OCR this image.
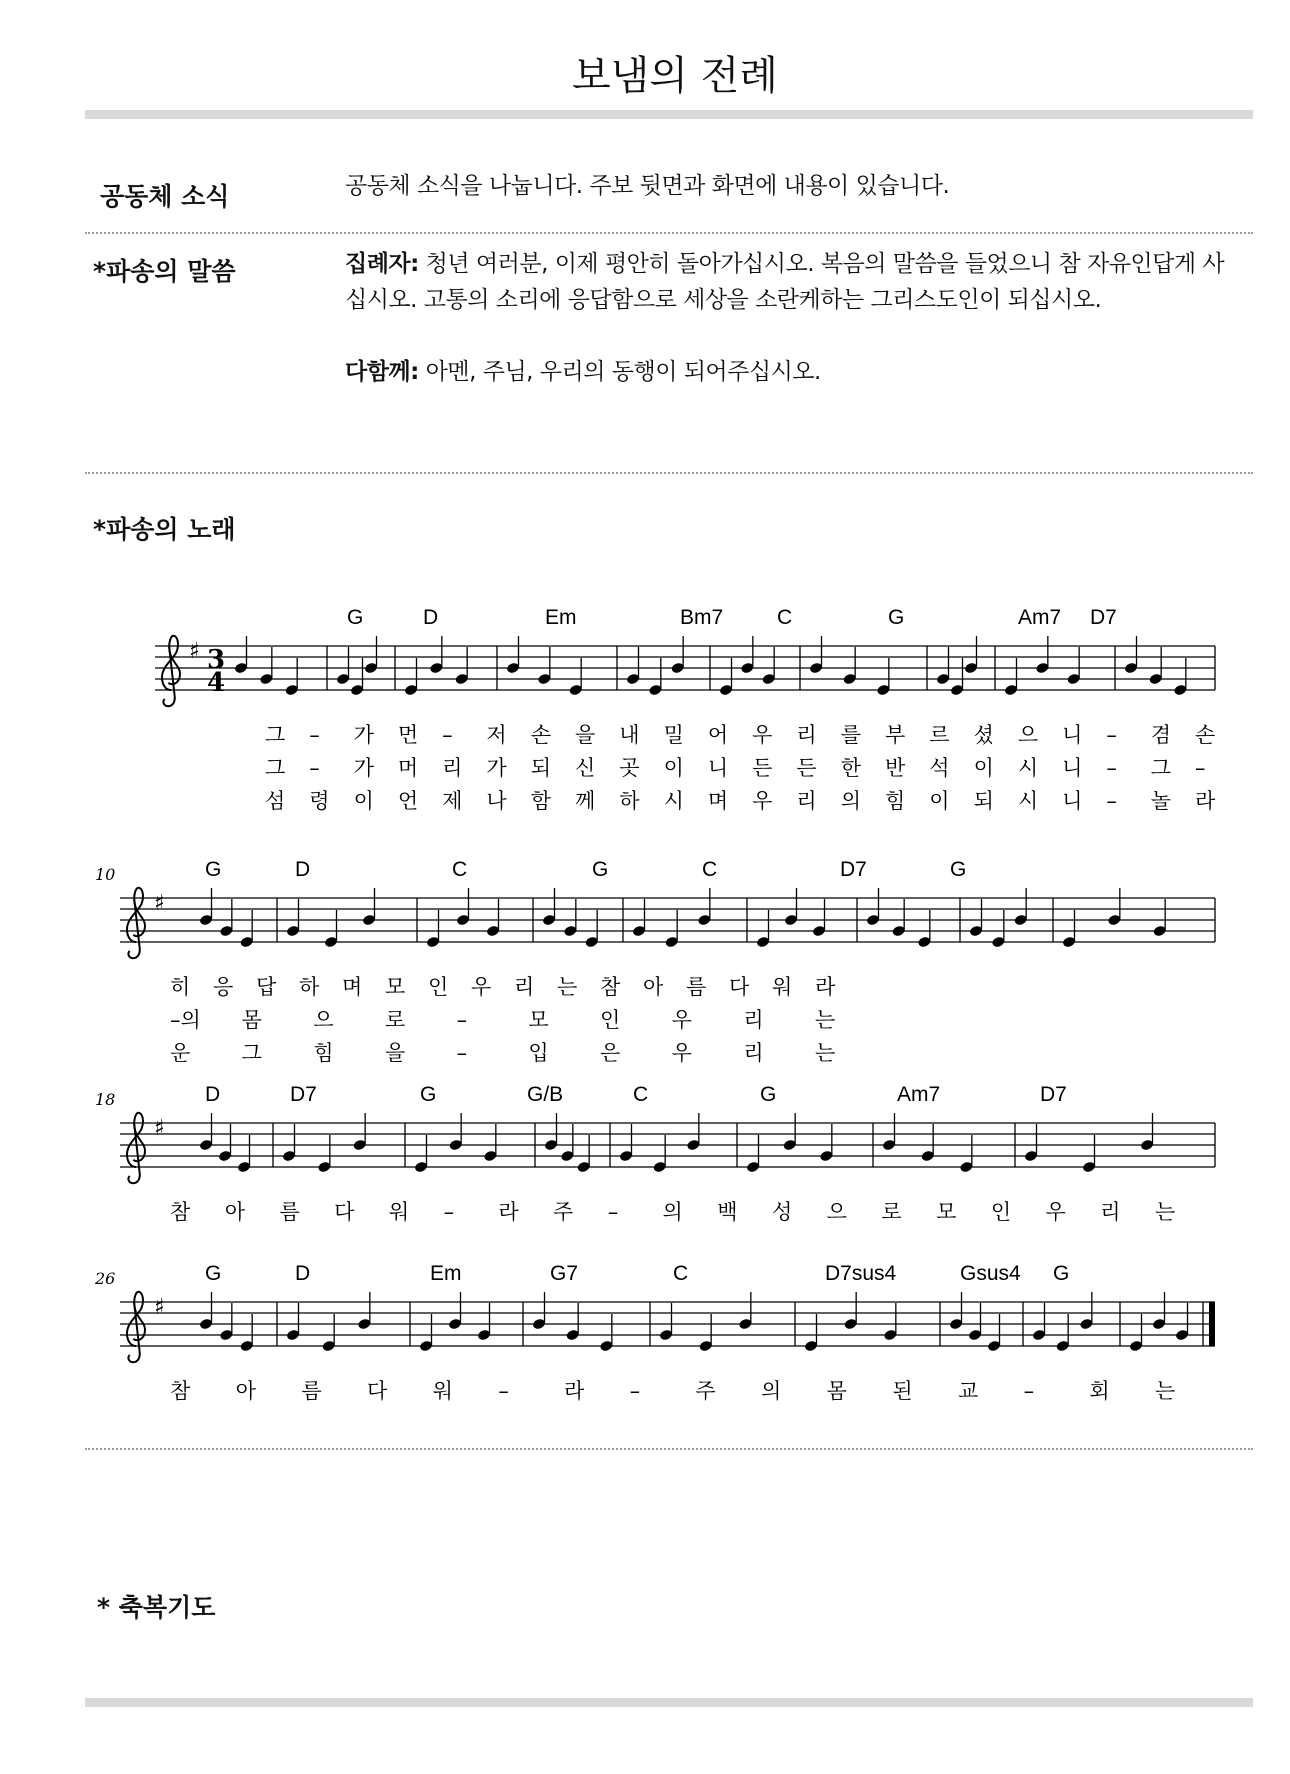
보냄의 전례
공동체 소식	공동체 소식을 나눕니다. 주보 뒷면과 화면에 내용이 있습니다.
*파송의 말씀	집례자: 청년 여러분, 이제 평안히 돌아가십시오. 복음의 말씀을 들었으니 참 자유인답게 사십시오. 고통의 소리에 응답함으로 세상을 소란케하는 그리스도인이 되십시오.
다함께: 아멘, 주님, 우리의 동행이 되어주십시오.
*파송의 노래
♯ 3
4
G	D	Em	Bm7	C	G	Am7 D7
그 – 가 먼 – 저 손 을 내 밀 어 우 리 를 부 르 셨 으 니 – 겸 손
그 – 가 머 리 가 되 신 곳 이 니 든 든 한 반 석 이 시 니 – 그 –
섬 령 이 언 제 나 함 께 하 시 며 우 리 의 힘 이 되 시 니 – 놀 라
♯
10	G	D	C	G	C	D7	G
히 응 답 하 며 모 인 우 리 는 참 아 름 다 워 라
–의 몸 으 로 –	모 인 우 리 는
운 그 힘 을 –	입 은 우 리 는
♯
18	D	D7	G	G/B	C	G	Am7	D7
참 아 름 다 워 – 라 주 – 의 백 성 으 로 모 인 우 리 는
♯
26	G	D	Em	G7	C	D7sus4	Gsus4 G
참 아 름 다 워 –	라 –	주 의 몸 된 교 –	회 는
* 축복기도
